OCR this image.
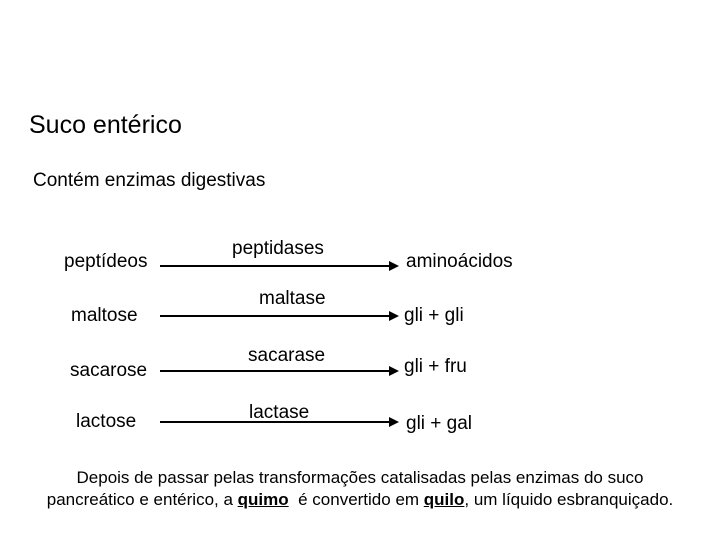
Suco entérico
Contém enzimas digestivas
peptídeos
peptidases
aminoácidos
maltose
maltase
gli + gli
sacarose
sacarase
gli + fru
lactose	lactase
gli + gal
Depois de passar pelas transformações catalisadas pelas enzimas do suco
pancreático e entérico, a quimo  é convertido em quilo, um líquido esbranquiçado.
